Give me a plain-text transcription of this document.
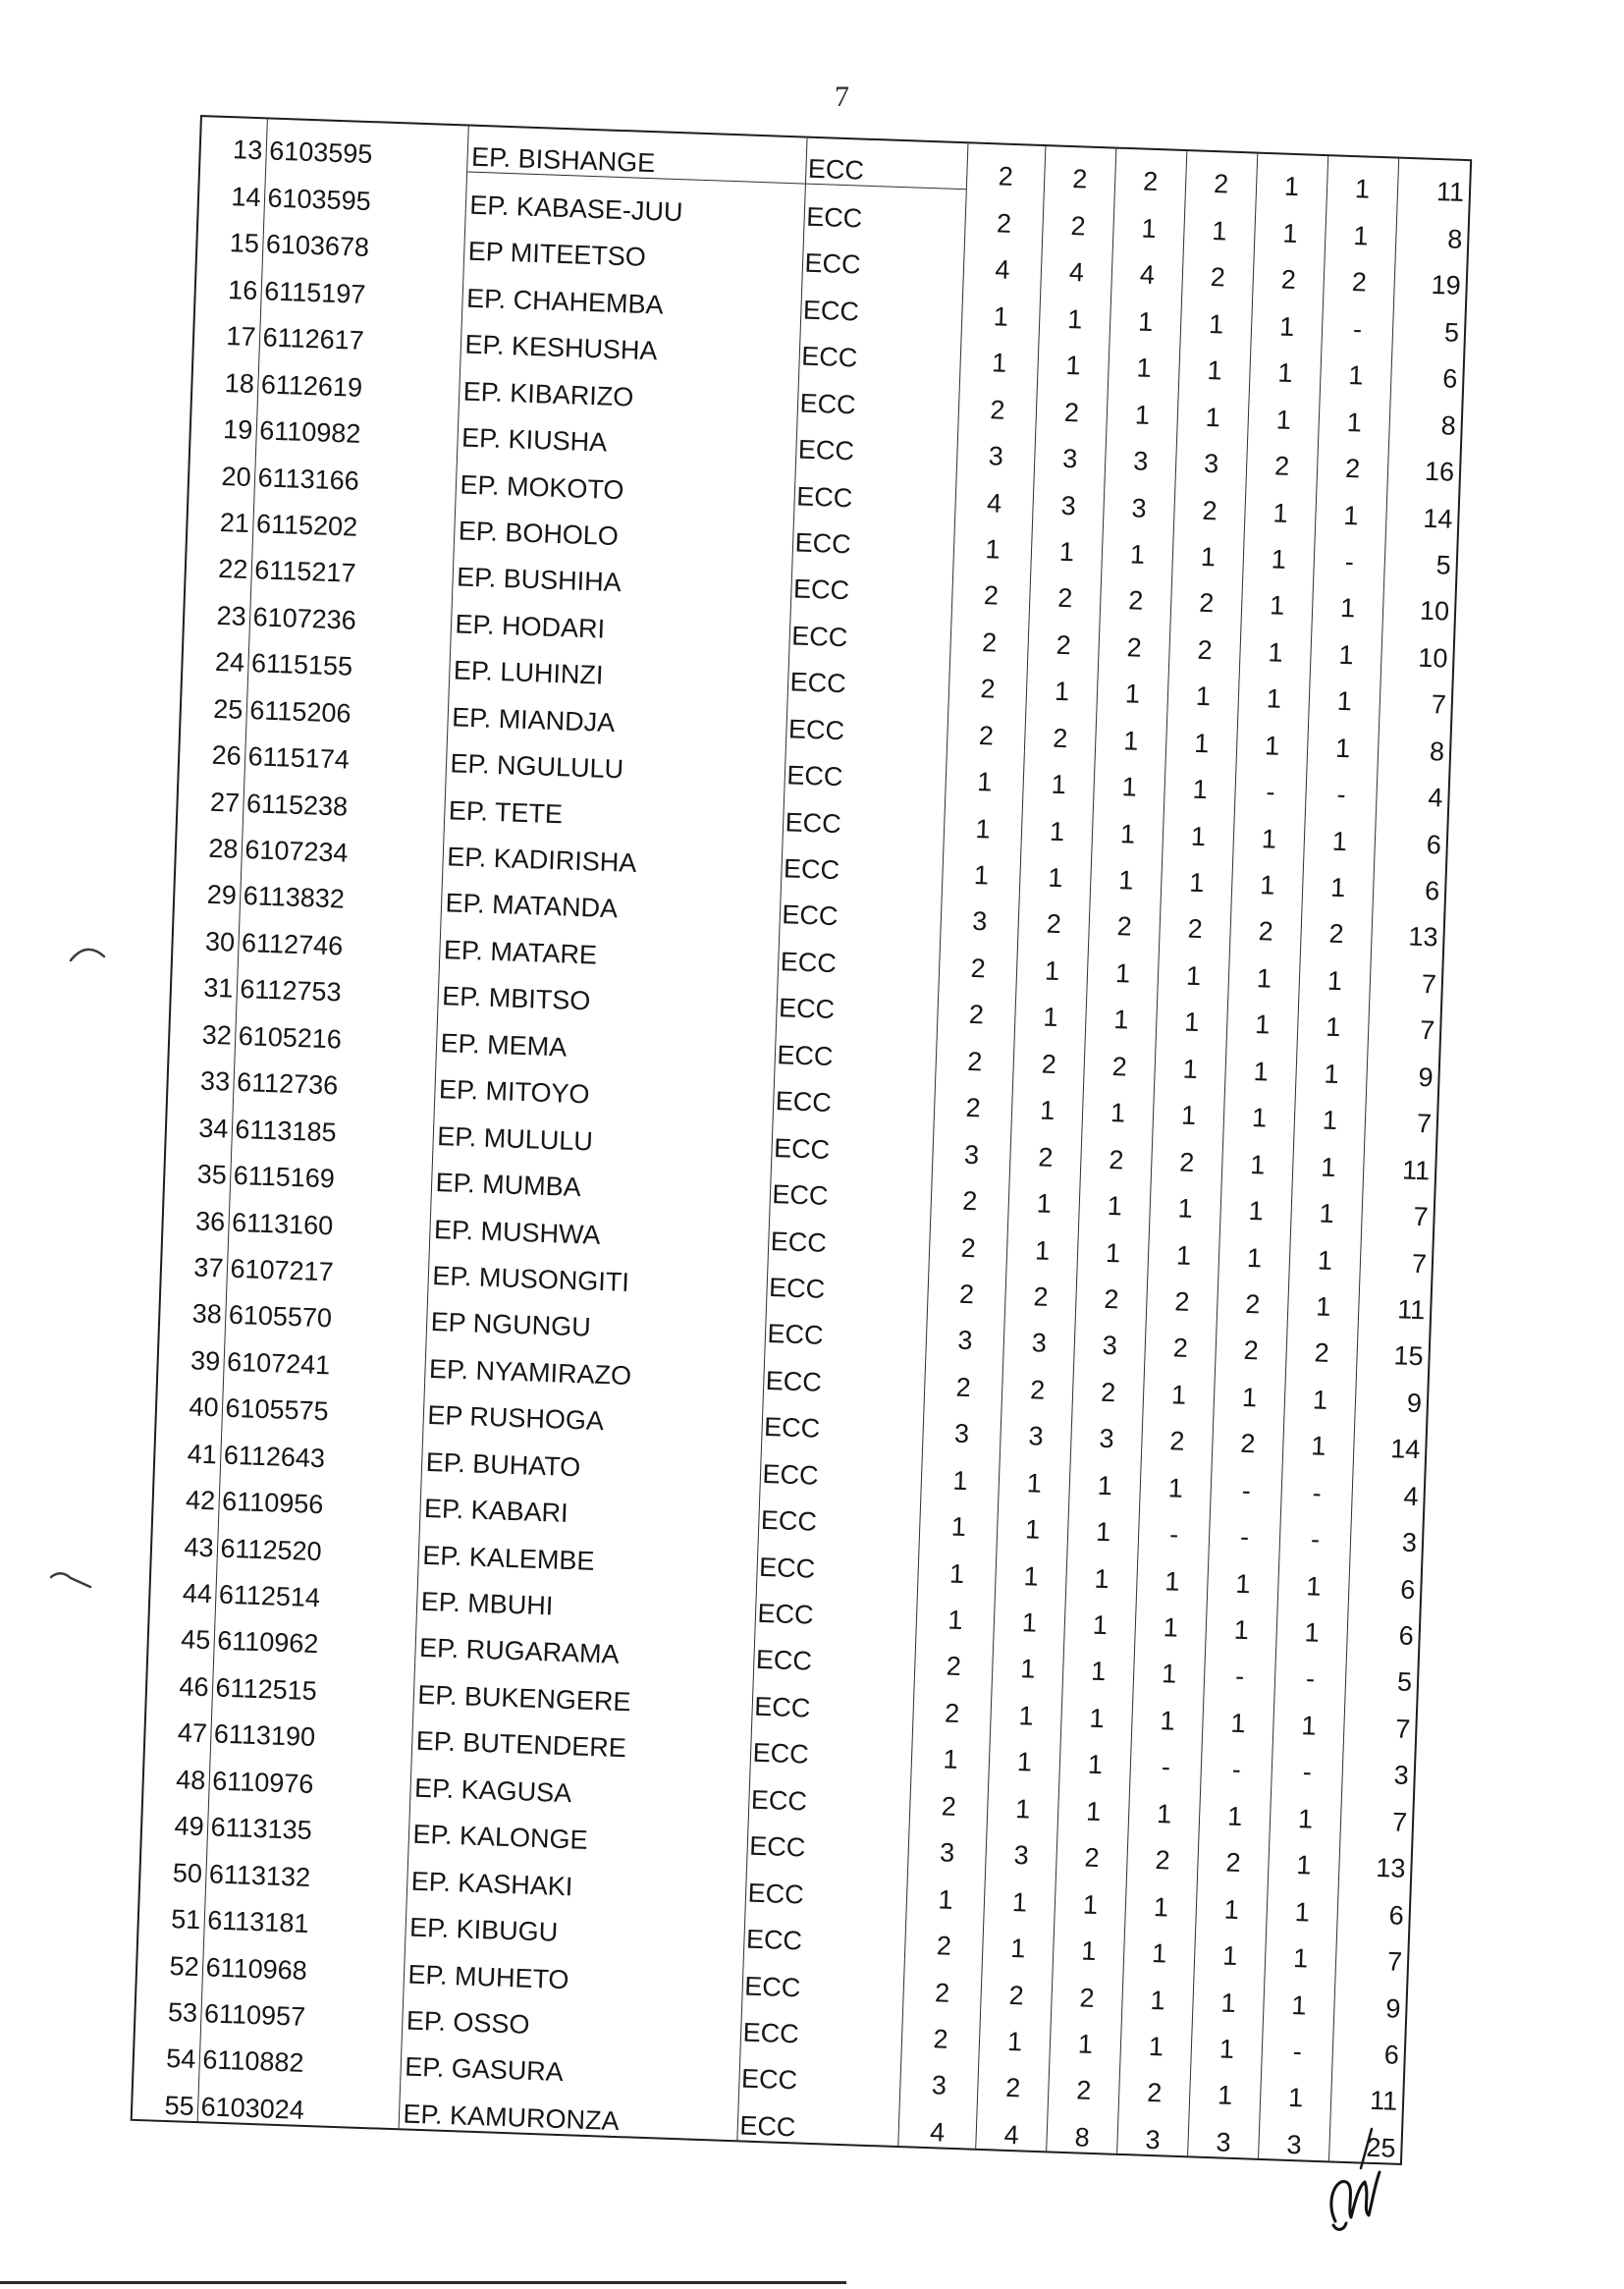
7
13 6103595	EP. BISHANGE	ECC	2	2	2	2	1	1	11
14 6103595	EP. KABASE-JUU	ECC	2	2	1	1	1	1	8
15 6103678	EP MITEETSO	ECC	4	4	4	2	2	2	19
16 6115197	EP. CHAHEMBA	ECC	1	1	1	1	1	-	5
17 6112617	EP. KESHUSHA	ECC	1	1	1	1	1	1	6
18 6112619	EP. KIBARIZO	ECC	2	2	1	1	1	1	8
19 6110982	EP. KIUSHA	ECC	3	3	3	3	2	2	16
20 6113166	EP. MOKOTO	ECC	4	3	3	2	1	1	14
21 6115202	EP. BOHOLO	ECC	1	1	1	1	1	-	5
22 6115217	EP. BUSHIHA	ECC	2	2	2	2	1	1	10
23 6107236	EP. HODARI	ECC	2	2	2	2	1	1	10
24 6115155	EP. LUHINZI	ECC	2	1	1	1	1	1	7
25 6115206	EP. MIANDJA	ECC	2	2	1	1	1	1	8
26 6115174	EP. NGULULU	ECC	1	1	1	1	-	-	4
27 6115238	EP. TETE	ECC	1	1	1	1	1	1	6
28 6107234	EP. KADIRISHA	ECC	1	1	1	1	1	1	6
29 6113832	EP. MATANDA	ECC	3	2	2	2	2	2	13
30 6112746	EP. MATARE	ECC	2	1	1	1	1	1	7
31 6112753	EP. MBITSO	ECC	2	1	1	1	1	1	7
32 6105216	EP. MEMA	ECC	2	2	2	1	1	1	9
33 6112736	EP. MITOYO	ECC	2	1	1	1	1	1	7
34 6113185	EP. MULULU	ECC	3	2	2	2	1	1	11
35 6115169	EP. MUMBA	ECC	2	1	1	1	1	1	7
36 6113160	EP. MUSHWA	ECC	2	1	1	1	1	1	7
37 6107217	EP. MUSONGITI	ECC	2	2	2	2	2	1	11
38 6105570	EP NGUNGU	ECC	3	3	3	2	2	2	15
39 6107241	EP. NYAMIRAZO	ECC	2	2	2	1	1	1	9
40 6105575	EP RUSHOGA	ECC	3	3	3	2	2	1	14
41 6112643	EP. BUHATO	ECC	1	1	1	1	-	-	4
42 6110956	EP. KABARI	ECC	1	1	1	-	-	-	3
43 6112520	EP. KALEMBE	ECC	1	1	1	1	1	1	6
44 6112514	EP. MBUHI	ECC	1	1	1	1	1	1	6
45 6110962	EP. RUGARAMA	ECC	2	1	1	1	-	-	5
46 6112515	EP. BUKENGERE	ECC	2	1	1	1	1	1	7
47 6113190	EP. BUTENDERE	ECC	1	1	1	-	-	-	3
48 6110976	EP. KAGUSA	ECC	2	1	1	1	1	1	7
49 6113135	EP. KALONGE	ECC	3	3	2	2	2	1	13
50 6113132	EP. KASHAKI	ECC	1	1	1	1	1	1	6
51 6113181	EP. KIBUGU	ECC	2	1	1	1	1	1	7
52 6110968	EP. MUHETO	ECC	2	2	2	1	1	1	9
53 6110957	EP. OSSO	ECC	2	1	1	1	1	-	6
54 6110882	EP. GASURA	ECC	3	2	2	2	1	1	11
55 6103024	EP. KAMURONZA	ECC	4	4	8	3	3	3	25
